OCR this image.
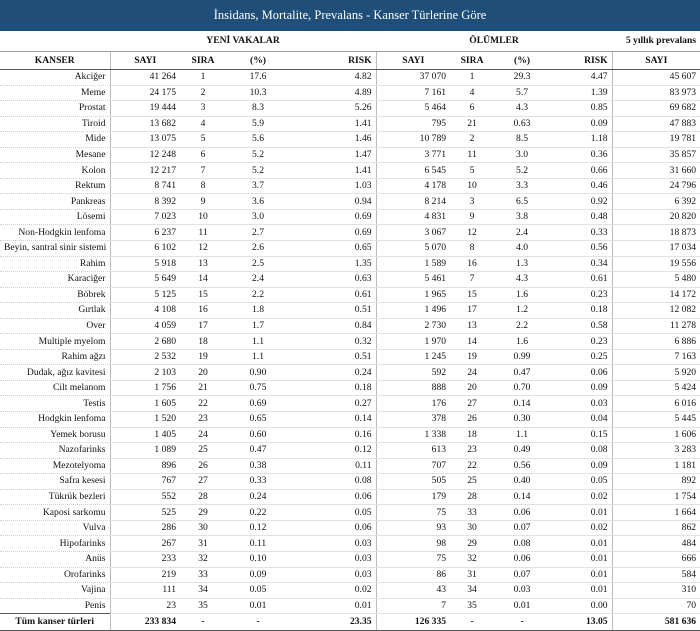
İnsidans, Mortalite, Prevalans - Kanser Türlerine Göre
	YENİ VAKALAR				ÖLÜMLER				5 yıllık prevalans
KANSER	SAYI	SIRA	(%)	RISK	SAYI	SIRA	(%)	RISK	SAYI
Akciğer	41 264	1	17.6	4.82	37 070	1	29.3	4.47	45 607
Meme	24 175	2	10.3	4.89	7 161	4	5.7	1.39	83 973
Prostat	19 444	3	8.3	5.26	5 464	6	4.3	0.85	69 682
Tiroid	13 682	4	5.9	1.41	795	21	0.63	0.09	47 883
Mide	13 075	5	5.6	1.46	10 789	2	8.5	1.18	19 781
Mesane	12 248	6	5.2	1.47	3 771	11	3.0	0.36	35 857
Kolon	12 217	7	5.2	1.41	6 545	5	5.2	0.66	31 660
Rektum	8 741	8	3.7	1.03	4 178	10	3.3	0.46	24 796
Pankreas	8 392	9	3.6	0.94	8 214	3	6.5	0.92	6 392
Lösemi	7 023	10	3.0	0.69	4 831	9	3.8	0.48	20 820
Non-Hodgkin lenfoma	6 237	11	2.7	0.69	3 067	12	2.4	0.33	18 873
Beyin, santral sinir sistemi	6 102	12	2.6	0.65	5 070	8	4.0	0.56	17 034
Rahim	5 918	13	2.5	1.35	1 589	16	1.3	0.34	19 556
Karaciğer	5 649	14	2.4	0.63	5 461	7	4.3	0.61	5 480
Böbrek	5 125	15	2.2	0.61	1 965	15	1.6	0.23	14 172
Gırtlak	4 108	16	1.8	0.51	1 496	17	1.2	0.18	12 082
Over	4 059	17	1.7	0.84	2 730	13	2.2	0.58	11 278
Multiple myelom	2 680	18	1.1	0.32	1 970	14	1.6	0.23	6 886
Rahim ağzı	2 532	19	1.1	0.51	1 245	19	0.99	0.25	7 163
Dudak, ağız kavitesi	2 103	20	0.90	0.24	592	24	0.47	0.06	5 920
Cilt melanom	1 756	21	0.75	0.18	888	20	0.70	0.09	5 424
Testis	1 605	22	0.69	0.27	176	27	0.14	0.03	6 016
Hodgkin lenfoma	1 520	23	0.65	0.14	378	26	0.30	0.04	5 445
Yemek borusu	1 405	24	0.60	0.16	1 338	18	1.1	0.15	1 606
Nazofarinks	1 089	25	0.47	0.12	613	23	0.49	0.08	3 283
Mezotelyoma	896	26	0.38	0.11	707	22	0.56	0.09	1 181
Safra kesesi	767	27	0.33	0.08	505	25	0.40	0.05	892
Tükrük bezleri	552	28	0.24	0.06	179	28	0.14	0.02	1 754
Kaposi sarkomu	525	29	0.22	0.05	75	33	0.06	0.01	1 664
Vulva	286	30	0.12	0.06	93	30	0.07	0.02	862
Hipofarinks	267	31	0.11	0.03	98	29	0.08	0.01	484
Anüs	233	32	0.10	0.03	75	32	0.06	0.01	666
Orofarinks	219	33	0.09	0.03	86	31	0.07	0.01	584
Vajina	111	34	0.05	0.02	43	34	0.03	0.01	310
Penis	23	35	0.01	0.01	7	35	0.01	0.00	70
Tüm kanser türleri	233 834	-	-	23.35	126 335	-	-	13.05	581 636
